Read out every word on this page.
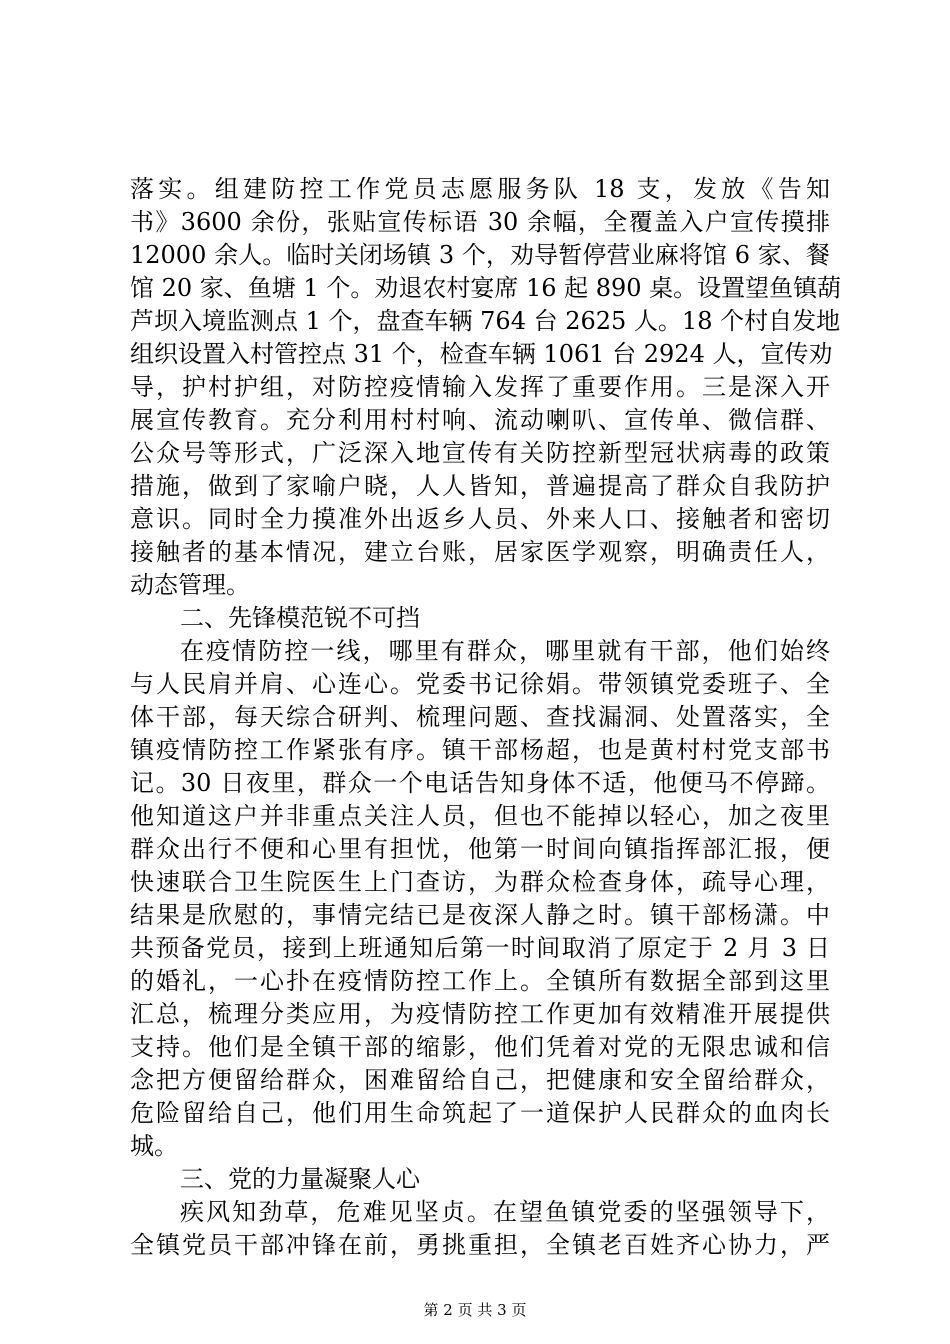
落实。组建防控工作党员志愿服务队 18 支，发放《告知
书》3600 余份，张贴宣传标语 30 余幅，全覆盖入户宣传摸排
12000 余人。临时关闭场镇 3 个，劝导暂停营业麻将馆 6 家、餐
馆 20 家、鱼塘 1 个。劝退农村宴席 16 起 890 桌。设置望鱼镇葫
芦坝入境监测点 1 个，盘查车辆 764 台 2625 人。18 个村自发地
组织设置入村管控点 31 个，检查车辆 1061 台 2924 人，宣传劝
导，护村护组，对防控疫情输入发挥了重要作用。三是深入开
展宣传教育。充分利用村村响、流动喇叭、宣传单、微信群、
公众号等形式，广泛深入地宣传有关防控新型冠状病毒的政策
措施，做到了家喻户晓，人人皆知，普遍提高了群众自我防护
意识。同时全力摸准外出返乡人员、外来人口、接触者和密切
接触者的基本情况，建立台账，居家医学观察，明确责任人，
动态管理。
二、先锋模范锐不可挡
在疫情防控一线，哪里有群众，哪里就有干部，他们始终
与人民肩并肩、心连心。党委书记徐娟。带领镇党委班子、全
体干部，每天综合研判、梳理问题、查找漏洞、处置落实，全
镇疫情防控工作紧张有序。镇干部杨超，也是黄村村党支部书
记。30 日夜里，群众一个电话告知身体不适，他便马不停蹄。
他知道这户并非重点关注人员，但也不能掉以轻心，加之夜里
群众出行不便和心里有担忧，他第一时间向镇指挥部汇报，便
快速联合卫生院医生上门查访，为群众检查身体，疏导心理，
结果是欣慰的，事情完结已是夜深人静之时。镇干部杨潇。中
共预备党员，接到上班通知后第一时间取消了原定于 2 月 3 日
的婚礼，一心扑在疫情防控工作上。全镇所有数据全部到这里
汇总，梳理分类应用，为疫情防控工作更加有效精准开展提供
支持。他们是全镇干部的缩影，他们凭着对党的无限忠诚和信
念把方便留给群众，困难留给自己，把健康和安全留给群众，
危险留给自己，他们用生命筑起了一道保护人民群众的血肉长
城。
三、党的力量凝聚人心
疾风知劲草，危难见坚贞。在望鱼镇党委的坚强领导下，
全镇党员干部冲锋在前，勇挑重担，全镇老百姓齐心协力，严
第 2 页 共 3 页
